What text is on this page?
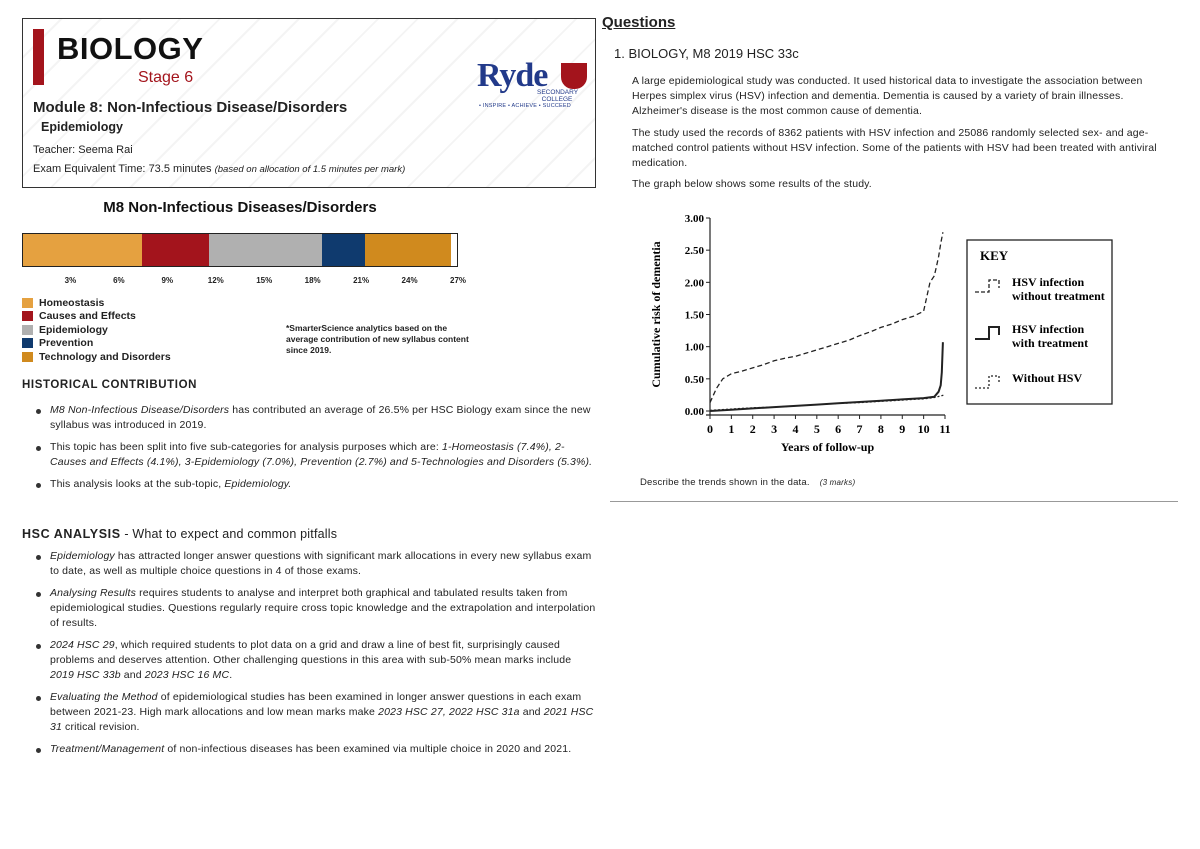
BIOLOGY
Stage 6
Module 8: Non-Infectious Disease/Disorders
Epidemiology
Teacher: Seema Rai
Exam Equivalent Time: 73.5 minutes (based on allocation of 1.5 minutes per mark)
Ryde
SECONDARY COLLEGE
• INSPIRE • ACHIEVE • SUCCEED
M8 Non-Infectious Diseases/Disorders
3%	6%	9%	12%	15%	18%	21%	24%	27%
Homeostasis
Causes and Effects
Epidemiology
Prevention
Technology and Disorders
*SmarterScience analytics based on the average contribution of new syllabus content since 2019.
HISTORICAL CONTRIBUTION
M8 Non-Infectious Disease/Disorders has contributed an average of 26.5% per HSC Biology exam since the new syllabus was introduced in 2019.
This topic has been split into five sub-categories for analysis purposes which are: 1-Homeostasis (7.4%), 2-Causes and Effects (4.1%), 3-Epidemiology (7.0%), Prevention (2.7%) and 5-Technologies and Disorders (5.3%).
This analysis looks at the sub-topic, Epidemiology.
HSC ANALYSIS - What to expect and common pitfalls
Epidemiology has attracted longer answer questions with significant mark allocations in every new syllabus exam to date, as well as multiple choice questions in 4 of those exams.
Analysing Results requires students to analyse and interpret both graphical and tabulated results taken from epidemiological studies. Questions regularly require cross topic knowledge and the extrapolation and interpolation of results.
2024 HSC 29, which required students to plot data on a grid and draw a line of best fit, surprisingly caused problems and deserves attention. Other challenging questions in this area with sub-50% mean marks include 2019 HSC 33b and 2023 HSC 16 MC.
Evaluating the Method of epidemiological studies has been examined in longer answer questions in each exam between 2021-23. High mark allocations and low mean marks make 2023 HSC 27, 2022 HSC 31a and 2021 HSC 31 critical revision.
Treatment/Management of non-infectious diseases has been examined via multiple choice in 2020 and 2021.
Questions
1. BIOLOGY, M8 2019 HSC 33c
A large epidemiological study was conducted. It used historical data to investigate the association between Herpes simplex virus (HSV) infection and dementia. Dementia is caused by a variety of brain illnesses. Alzheimer's disease is the most common cause of dementia.
The study used the records of 8362 patients with HSV infection and 25086 randomly selected sex- and age-matched control patients without HSV infection. Some of the patients with HSV had been treated with antiviral medication.
The graph below shows some results of the study.
0.00
0.50
1.00
1.50
2.00
2.50
3.00
0 1 2 3 4 5 6 7 8 9 10 11
Years of follow-up
Cumulative risk of dementia	KEY
HSV infection
without treatment
HSV infection
with treatment
Without HSV
Describe the trends shown in the data. (3 marks)
